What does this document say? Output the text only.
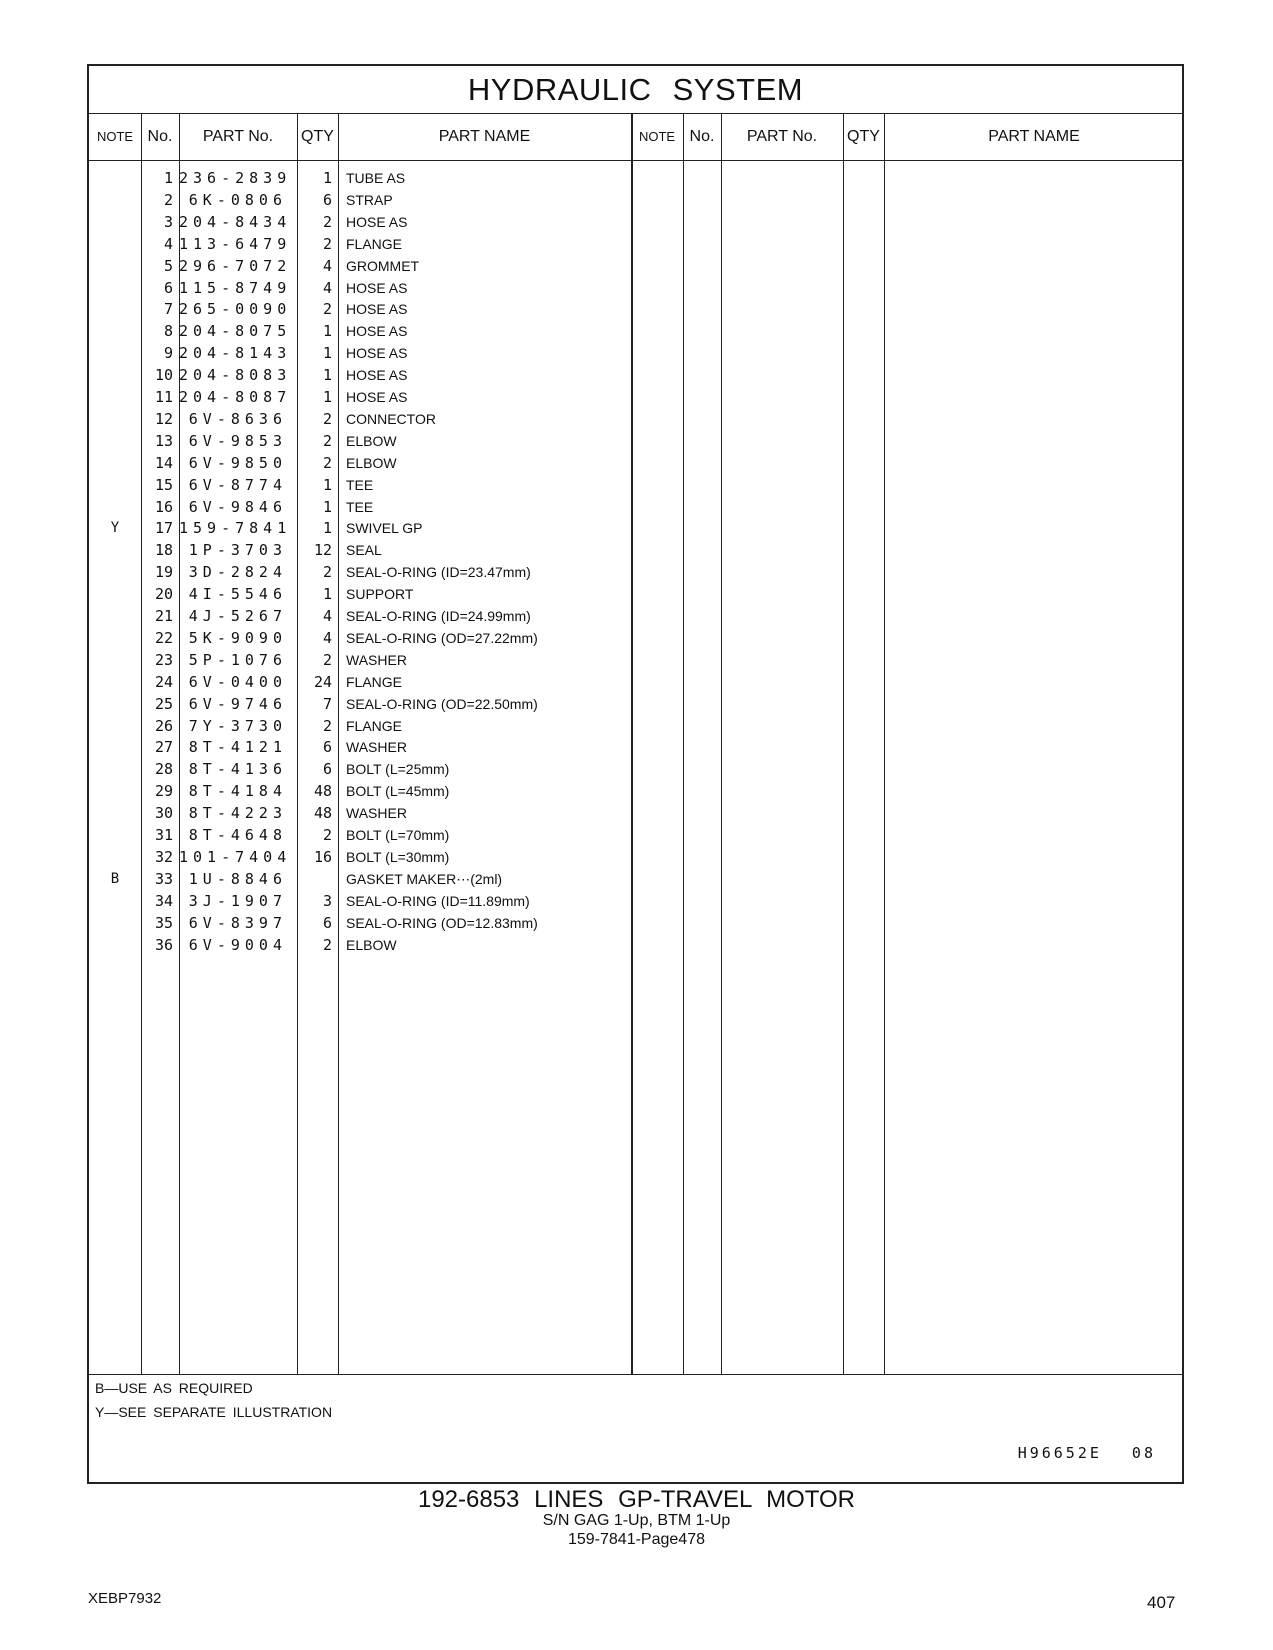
HYDRAULIC SYSTEM
NOTE No.	PART No.	QTY	PART NAME	NOTE No.	PART No.	QTY	PART NAME
1 236-2839	1 TUBE AS
2	6K-0806	6 STRAP
3 204-8434	2 HOSE AS
4 113-6479	2 FLANGE
5 296-7072	4 GROMMET
6 115-8749	4 HOSE AS
7 265-0090	2 HOSE AS
8 204-8075	1 HOSE AS
9 204-8143	1 HOSE AS
10 204-8083	1 HOSE AS
11 204-8087	1 HOSE AS
12	6V-8636	2 CONNECTOR
13	6V-9853	2 ELBOW
14	6V-9850	2 ELBOW
15	6V-8774	1 TEE
16	6V-9846	1 TEE
Y	17 159-7841	1 SWIVEL GP
18	1P-3703	12 SEAL
19	3D-2824	2 SEAL-O-RING (ID=23.47mm)
20	4I-5546	1 SUPPORT
21	4J-5267	4 SEAL-O-RING (ID=24.99mm)
22	5K-9090	4 SEAL-O-RING (OD=27.22mm)
23	5P-1076	2 WASHER
24	6V-0400	24 FLANGE
25	6V-9746	7 SEAL-O-RING (OD=22.50mm)
26	7Y-3730	2 FLANGE
27	8T-4121	6 WASHER
28	8T-4136	6 BOLT (L=25mm)
29	8T-4184	48 BOLT (L=45mm)
30	8T-4223	48 WASHER
31	8T-4648	2 BOLT (L=70mm)
32 101-7404	16 BOLT (L=30mm)
B	33	1U-8846	GASKET MAKER⋯(2ml)
34	3J-1907	3 SEAL-O-RING (ID=11.89mm)
35	6V-8397	6 SEAL-O-RING (OD=12.83mm)
36	6V-9004	2 ELBOW
B—USE AS REQUIRED
Y—SEE SEPARATE ILLUSTRATION
H96652E 08
192-6853 LINES GP-TRAVEL MOTOR
S/N GAG 1-Up, BTM 1-Up
159-7841-Page478
XEBP7932	407
